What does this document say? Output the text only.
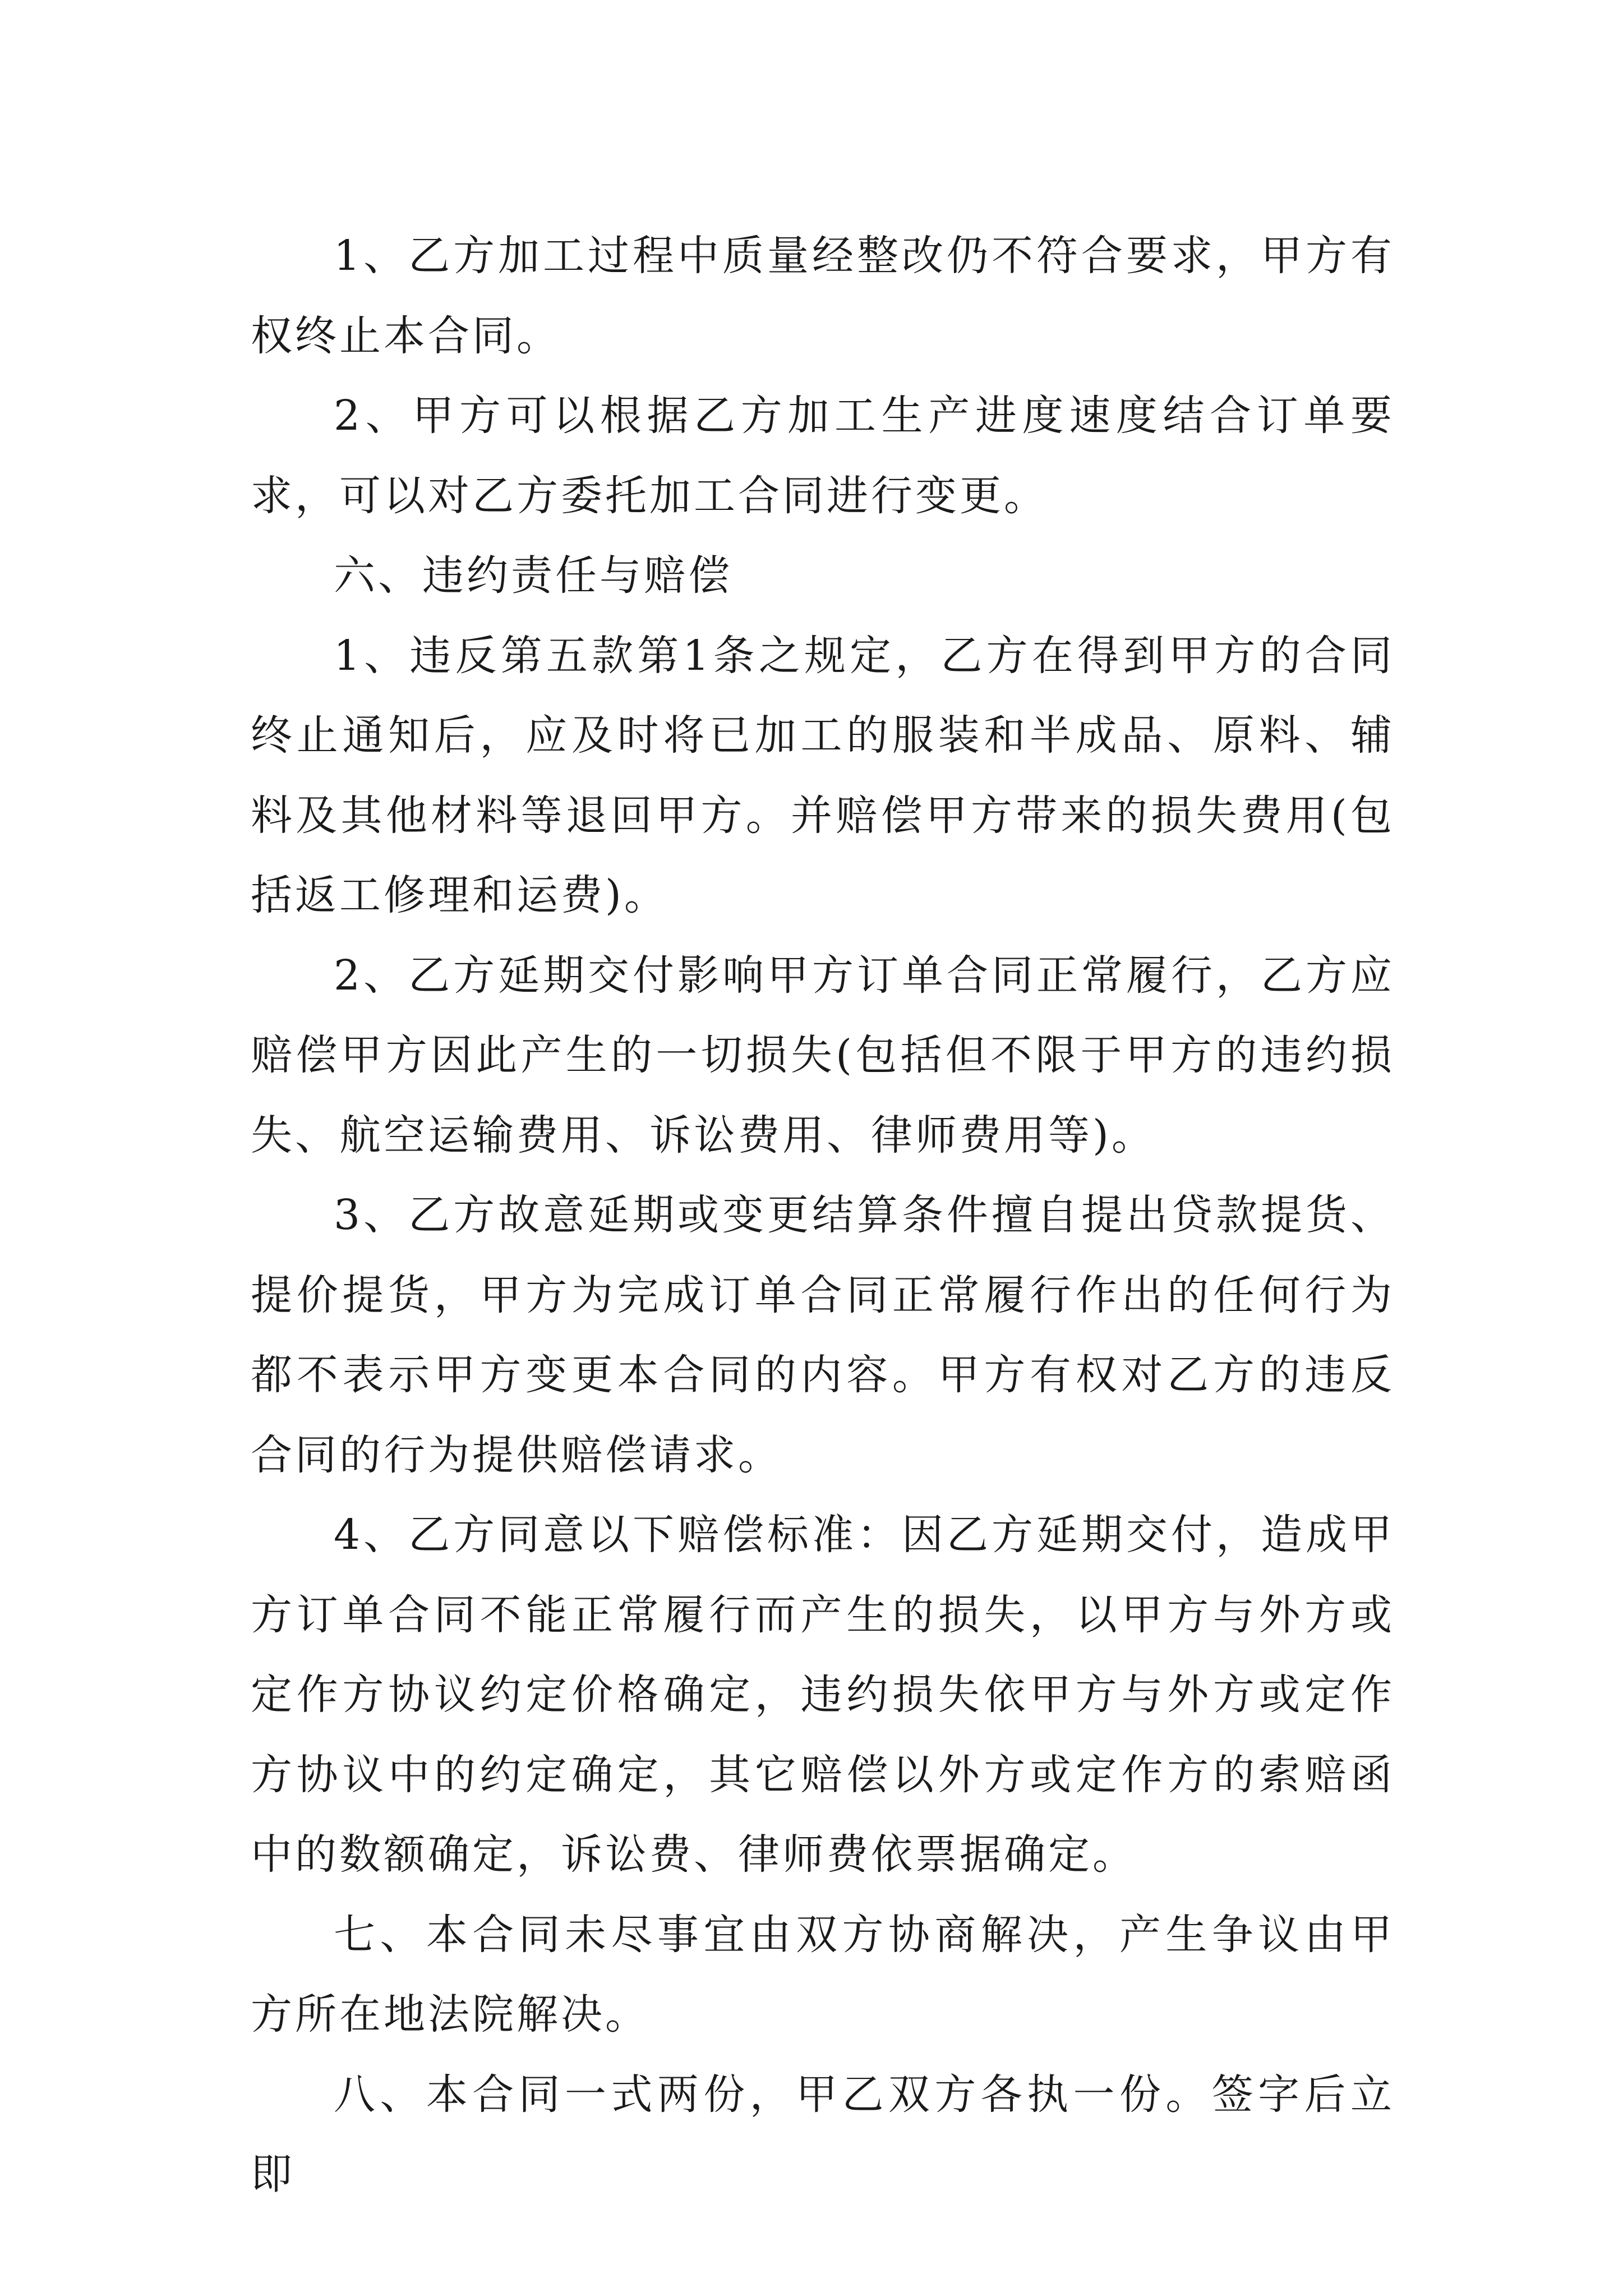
1、乙方加工过程中质量经整改仍不符合要求，甲方有权终止本合同。

2、甲方可以根据乙方加工生产进度速度结合订单要求，可以对乙方委托加工合同进行变更。

六、违约责任与赔偿

1、违反第五款第1条之规定，乙方在得到甲方的合同终止通知后，应及时将已加工的服装和半成品、原料、辅料及其他材料等退回甲方。并赔偿甲方带来的损失费用(包括返工修理和运费)。

2、乙方延期交付影响甲方订单合同正常履行，乙方应赔偿甲方因此产生的一切损失(包括但不限于甲方的违约损失、航空运输费用、诉讼费用、律师费用等)。

3、乙方故意延期或变更结算条件擅自提出贷款提货、提价提货，甲方为完成订单合同正常履行作出的任何行为都不表示甲方变更本合同的内容。甲方有权对乙方的违反合同的行为提供赔偿请求。

4、乙方同意以下赔偿标准：因乙方延期交付，造成甲方订单合同不能正常履行而产生的损失，以甲方与外方或定作方协议约定价格确定，违约损失依甲方与外方或定作方协议中的约定确定，其它赔偿以外方或定作方的索赔函中的数额确定，诉讼费、律师费依票据确定。

七、本合同未尽事宜由双方协商解决，产生争议由甲方所在地法院解决。

八、本合同一式两份，甲乙双方各执一份。签字后立即
